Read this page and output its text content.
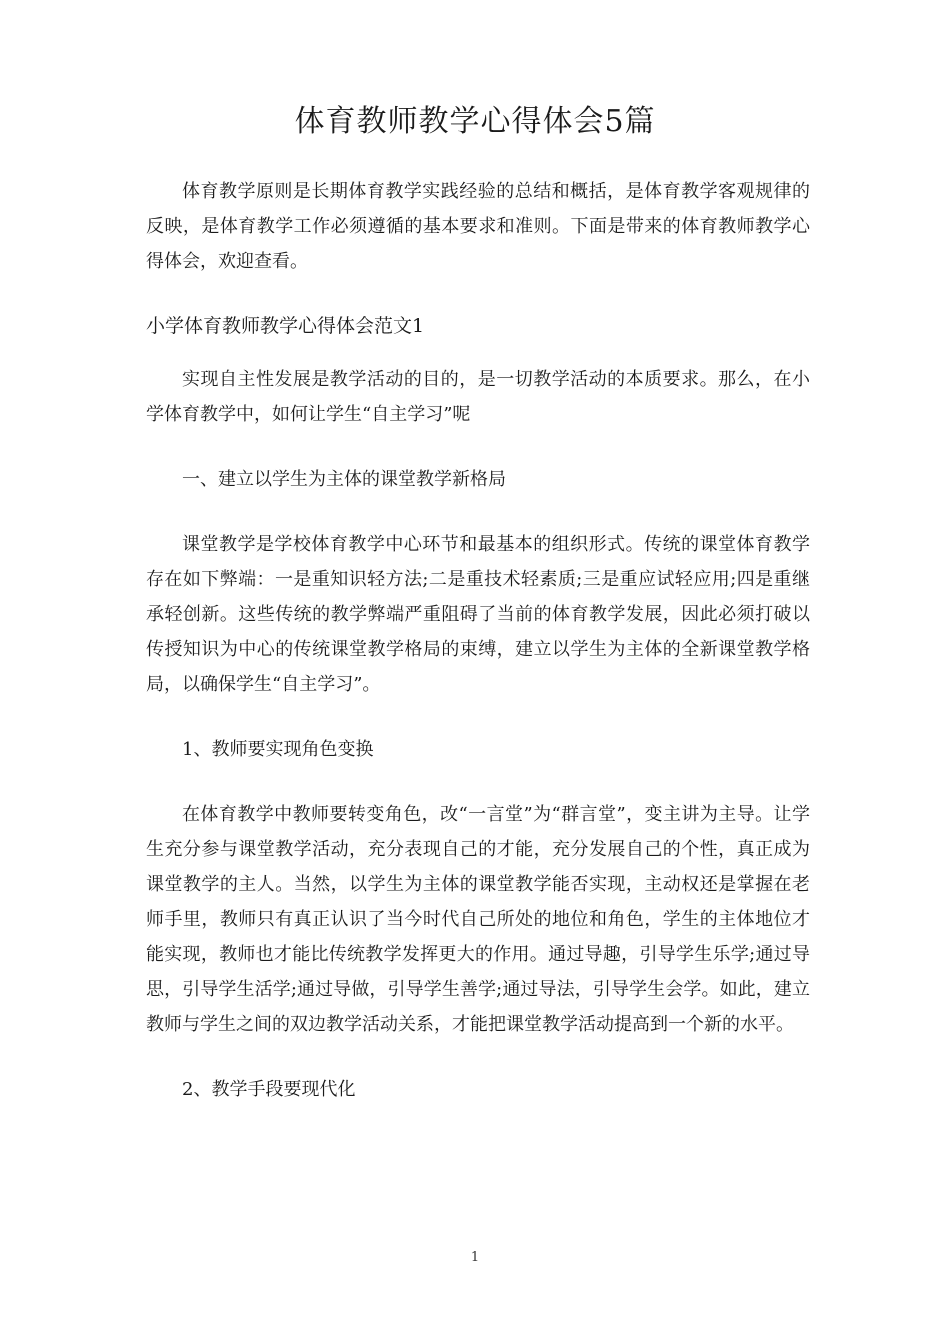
体育教师教学心得体会5篇

体育教学原则是长期体育教学实践经验的总结和概括，是体育教学客观规律的反映，是体育教学工作必须遵循的基本要求和准则。下面是带来的体育教师教学心得体会，欢迎查看。

小学体育教师教学心得体会范文1

实现自主性发展是教学活动的目的，是一切教学活动的本质要求。那么，在小学体育教学中，如何让学生“自主学习”呢

一、建立以学生为主体的课堂教学新格局

课堂教学是学校体育教学中心环节和最基本的组织形式。传统的课堂体育教学存在如下弊端：一是重知识轻方法;二是重技术轻素质;三是重应试轻应用;四是重继承轻创新。这些传统的教学弊端严重阻碍了当前的体育教学发展，因此必须打破以传授知识为中心的传统课堂教学格局的束缚，建立以学生为主体的全新课堂教学格局，以确保学生“自主学习”。

1、教师要实现角色变换

在体育教学中教师要转变角色，改“一言堂”为“群言堂”，变主讲为主导。让学生充分参与课堂教学活动，充分表现自己的才能，充分发展自己的个性，真正成为课堂教学的主人。当然，以学生为主体的课堂教学能否实现，主动权还是掌握在老师手里，教师只有真正认识了当今时代自己所处的地位和角色，学生的主体地位才能实现，教师也才能比传统教学发挥更大的作用。通过导趣，引导学生乐学;通过导思，引导学生活学;通过导做，引导学生善学;通过导法，引导学生会学。如此，建立教师与学生之间的双边教学活动关系，才能把课堂教学活动提高到一个新的水平。

2、教学手段要现代化

1
